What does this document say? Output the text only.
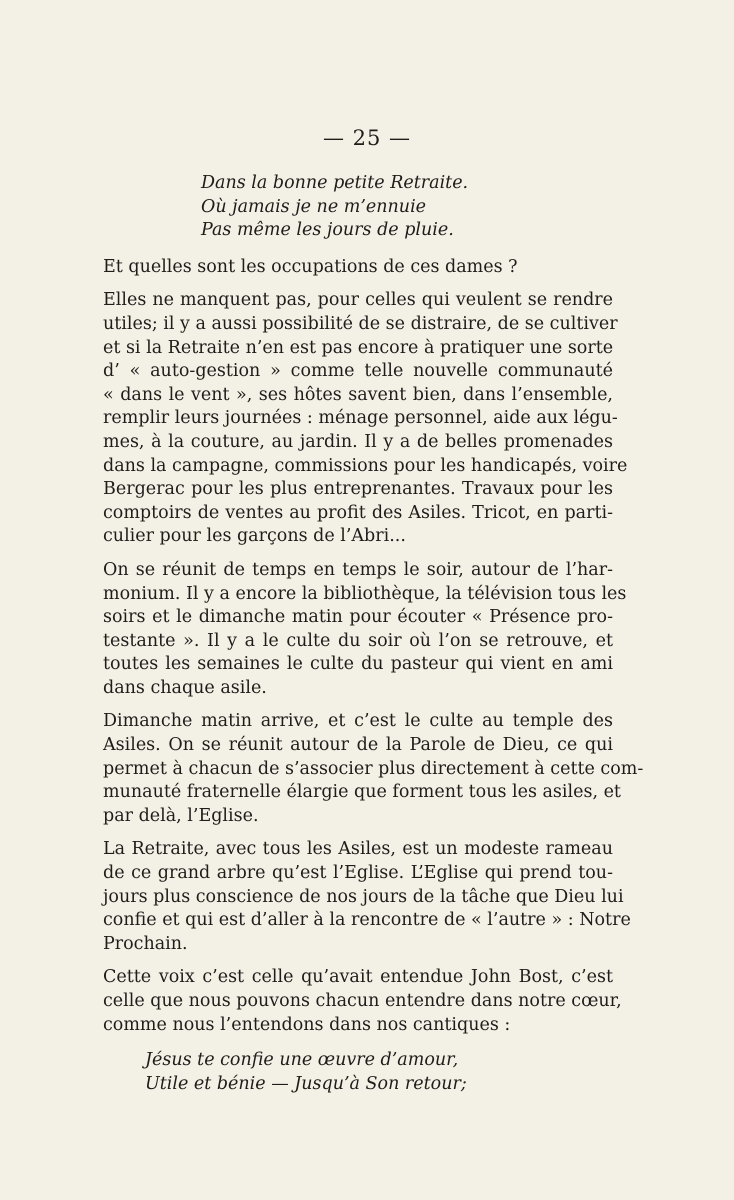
— 25 —
Dans la bonne petite Retraite.
Où jamais je ne m’ennuie
Pas même les jours de pluie.

Et quelles sont les occupations de ces dames ?

Elles ne manquent pas, pour celles qui veulent se rendre
utiles; il y a aussi possibilité de se distraire, de se cultiver
et si la Retraite n’en est pas encore à pratiquer une sorte
d’ « auto-gestion » comme telle nouvelle communauté
« dans le vent », ses hôtes savent bien, dans l’ensemble,
remplir leurs journées : ménage personnel, aide aux légu-
mes, à la couture, au jardin. Il y a de belles promenades
dans la campagne, commissions pour les handicapés, voire
Bergerac pour les plus entreprenantes. Travaux pour les
comptoirs de ventes au profit des Asiles. Tricot, en parti-
culier pour les garçons de l’Abri...

On se réunit de temps en temps le soir, autour de l’har-
monium. Il y a encore la bibliothèque, la télévision tous les
soirs et le dimanche matin pour écouter « Présence pro-
testante ». Il y a le culte du soir où l’on se retrouve, et
toutes les semaines le culte du pasteur qui vient en ami
dans chaque asile.

Dimanche matin arrive, et c’est le culte au temple des
Asiles. On se réunit autour de la Parole de Dieu, ce qui
permet à chacun de s’associer plus directement à cette com-
munauté fraternelle élargie que forment tous les asiles, et
par delà, l’Eglise.

La Retraite, avec tous les Asiles, est un modeste rameau
de ce grand arbre qu’est l’Eglise. L’Eglise qui prend tou-
jours plus conscience de nos jours de la tâche que Dieu lui
confie et qui est d’aller à la rencontre de « l’autre » : Notre
Prochain.

Cette voix c’est celle qu’avait entendue John Bost, c’est
celle que nous pouvons chacun entendre dans notre cœur,
comme nous l’entendons dans nos cantiques :

Jésus te confie une œuvre d’amour,
Utile et bénie — Jusqu’à Son retour;
